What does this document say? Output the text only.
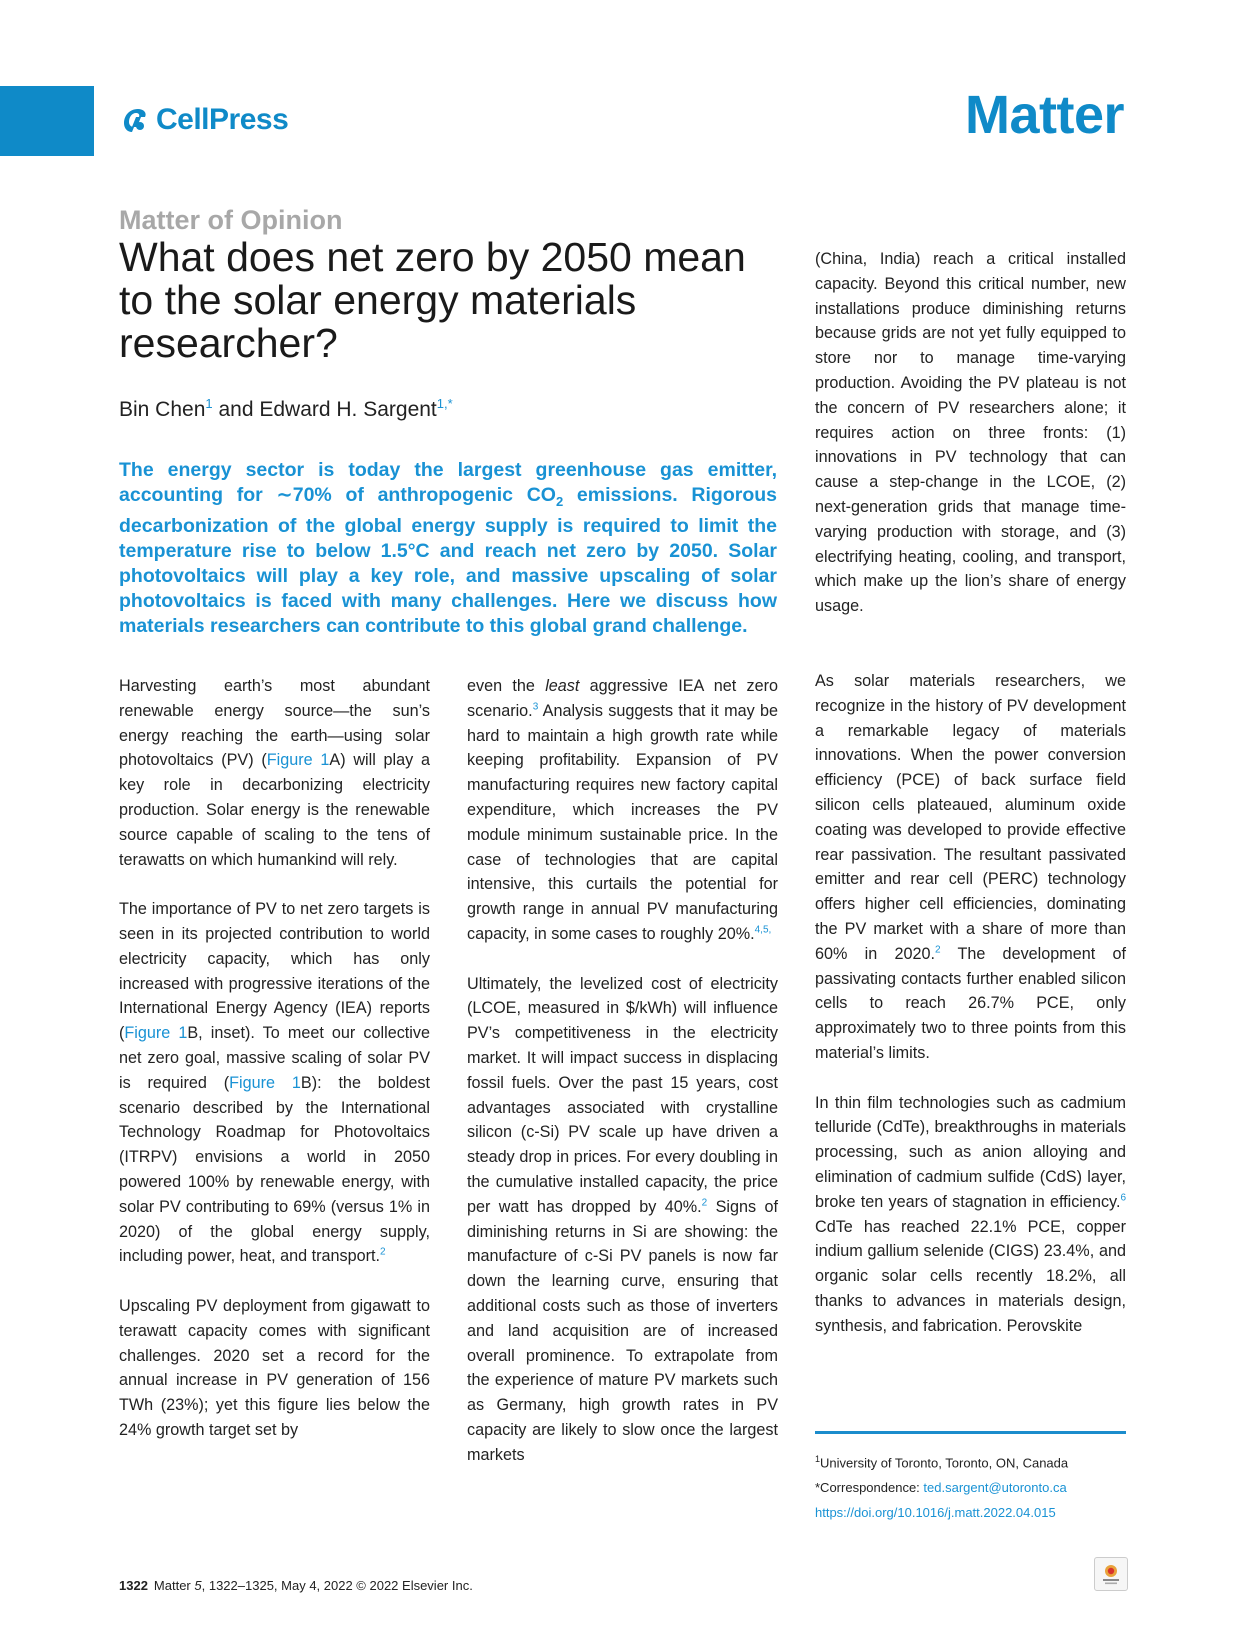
CellPress	Matter
Matter of Opinion
What does net zero by 2050 mean to the solar energy materials researcher?
Bin Chen$^1$ and Edward H. Sargent$^{1,*}$

The energy sector is today the largest greenhouse gas emitter, accounting for ∼70% of anthropogenic $CO_2$ emissions. Rigorous decarbonization of the global energy supply is required to limit the temperature rise to below 1.5°C and reach net zero by 2050. Solar photovoltaics will play a key role, and massive upscaling of solar photovoltaics is faced with many challenges. Here we discuss how materials researchers can contribute to this global grand challenge.

Harvesting earth’s most abundant renewable energy source—the sun’s energy reaching the earth—using solar photovoltaics (PV) (Figure 1A) will play a key role in decarbonizing electricity production. Solar energy is the renewable source capable of scaling to the tens of terawatts on which humankind will rely.

The importance of PV to net zero targets is seen in its projected contribution to world electricity capacity, which has only increased with progressive iterations of the International Energy Agency (IEA) reports (Figure 1B, inset). To meet our collective net zero goal, massive scaling of solar PV is required (Figure 1B): the boldest scenario described by the International Technology Roadmap for Photovoltaics (ITRPV) envisions a world in 2050 powered 100% by renewable energy, with solar PV contributing to 69% (versus 1% in 2020) of the global energy supply, including power, heat, and transport.$^2$

Upscaling PV deployment from gigawatt to terawatt capacity comes with significant challenges. 2020 set a record for the annual increase in PV generation of 156 TWh (23%); yet this figure lies below the 24% growth target set by

even the least aggressive IEA net zero scenario.$^3$ Analysis suggests that it may be hard to maintain a high growth rate while keeping profitability. Expansion of PV manufacturing requires new factory capital expenditure, which increases the PV module minimum sustainable price. In the case of technologies that are capital intensive, this curtails the potential for growth range in annual PV manufacturing capacity, in some cases to roughly 20%.$^{4,5,}$

Ultimately, the levelized cost of electricity (LCOE, measured in $/kWh) will influence PV’s competitiveness in the electricity market. It will impact success in displacing fossil fuels. Over the past 15 years, cost advantages associated with crystalline silicon (c-Si) PV scale up have driven a steady drop in prices. For every doubling in the cumulative installed capacity, the price per watt has dropped by 40%.$^2$ Signs of diminishing returns in Si are showing: the manufacture of c-Si PV panels is now far down the learning curve, ensuring that additional costs such as those of inverters and land acquisition are of increased overall prominence. To extrapolate from the experience of mature PV markets such as Germany, high growth rates in PV capacity are likely to slow once the largest markets

(China, India) reach a critical installed capacity. Beyond this critical number, new installations produce diminishing returns because grids are not yet fully equipped to store nor to manage time-varying production. Avoiding the PV plateau is not the concern of PV researchers alone; it requires action on three fronts: (1) innovations in PV technology that can cause a step-change in the LCOE, (2) next-generation grids that manage time-varying production with storage, and (3) electrifying heating, cooling, and transport, which make up the lion’s share of energy usage.

As solar materials researchers, we recognize in the history of PV development a remarkable legacy of materials innovations. When the power conversion efficiency (PCE) of back surface field silicon cells plateaued, aluminum oxide coating was developed to provide effective rear passivation. The resultant passivated emitter and rear cell (PERC) technology offers higher cell efficiencies, dominating the PV market with a share of more than 60% in 2020.$^2$ The development of passivating contacts further enabled silicon cells to reach 26.7% PCE, only approximately two to three points from this material’s limits.

In thin film technologies such as cadmium telluride (CdTe), breakthroughs in materials processing, such as anion alloying and elimination of cadmium sulfide (CdS) layer, broke ten years of stagnation in efficiency.$^6$ CdTe has reached 22.1% PCE, copper indium gallium selenide (CIGS) 23.4%, and organic solar cells recently 18.2%, all thanks to advances in materials design, synthesis, and fabrication. Perovskite

$^1$University of Toronto, Toronto, ON, Canada
*Correspondence: ted.sargent@utoronto.ca
https://doi.org/10.1016/j.matt.2022.04.015
1322 Matter 5, 1322–1325, May 4, 2022 © 2022 Elsevier Inc.
